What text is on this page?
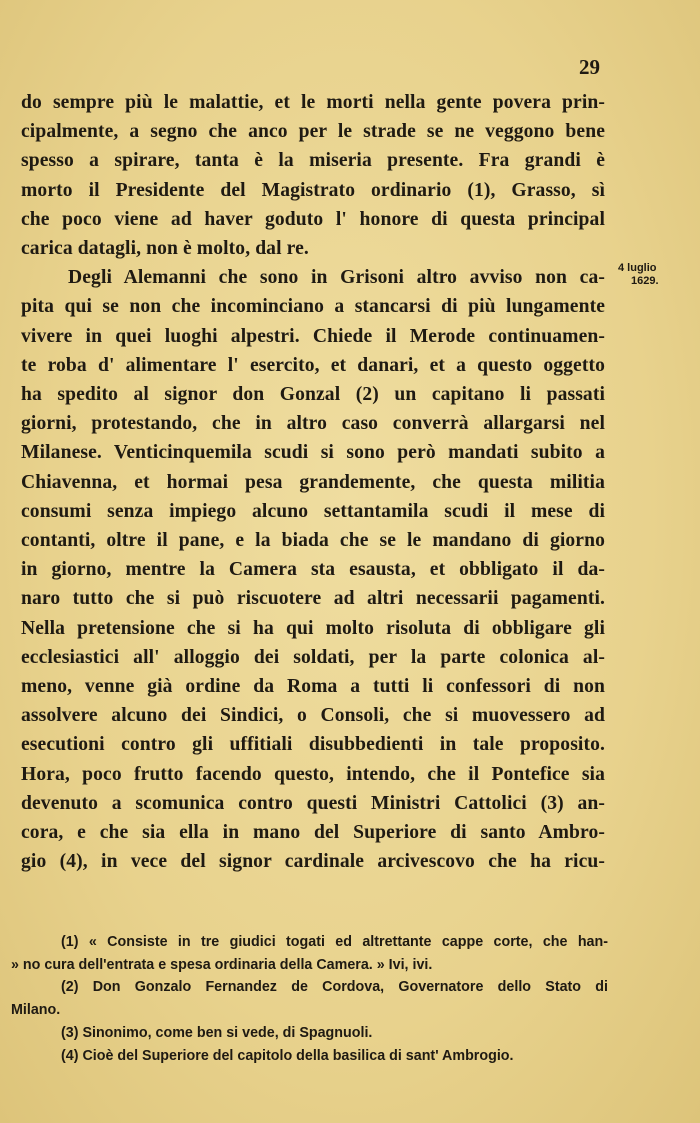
29
do sempre più le malattie, et le morti nella gente povera prin-
cipalmente, a segno che anco per le strade se ne veggono bene
spesso a spirare, tanta è la miseria presente. Fra grandi è
morto il Presidente del Magistrato ordinario (1), Grasso, sì
che poco viene ad haver goduto l' honore di questa principal
carica datagli, non è molto, dal re.
Degli Alemanni che sono in Grisoni altro avviso non ca-
pita qui se non che incominciano a stancarsi di più lungamente
vivere in quei luoghi alpestri. Chiede il Merode continuamen-
te roba d' alimentare l' esercito, et danari, et a questo oggetto
ha spedito al signor don Gonzal (2) un capitano li passati
giorni, protestando, che in altro caso converrà allargarsi nel
Milanese. Venticinquemila scudi si sono però mandati subito a
Chiavenna, et hormai pesa grandemente, che questa militia
consumi senza impiego alcuno settantamila scudi il mese di
contanti, oltre il pane, e la biada che se le mandano di giorno
in giorno, mentre la Camera sta esausta, et obbligato il da-
naro tutto che si può riscuotere ad altri necessarii pagamenti.
Nella pretensione che si ha qui molto risoluta di obbligare gli
ecclesiastici all' alloggio dei soldati, per la parte colonica al-
meno, venne già ordine da Roma a tutti li confessori di non
assolvere alcuno dei Sindici, o Consoli, che si muovessero ad
esecutioni contro gli uffitiali disubbedienti in tale proposito.
Hora, poco frutto facendo questo, intendo, che il Pontefice sia
devenuto a scomunica contro questi Ministri Cattolici (3) an-
cora, e che sia ella in mano del Superiore di santo Ambro-
gio (4), in vece del signor cardinale arcivescovo che ha ricu-
4 luglio
1629.
(1) « Consiste in tre giudici togati ed altrettante cappe corte, che han-
» no cura dell'entrata e spesa ordinaria della Camera. » Ivi, ivi.
(2) Don Gonzalo Fernandez de Cordova, Governatore dello Stato di
Milano.
(3) Sinonimo, come ben si vede, di Spagnuoli.
(4) Cioè del Superiore del capitolo della basilica di sant' Ambrogio.
